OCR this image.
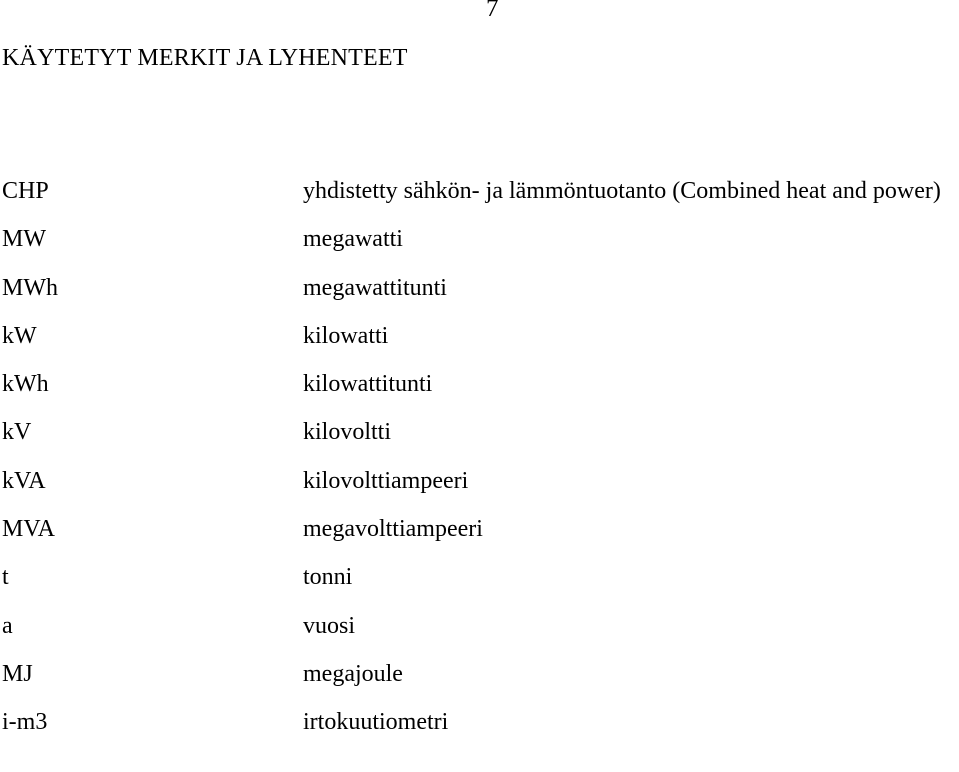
7
KÄYTETYT MERKIT JA LYHENTEET
CHP	yhdistetty sähkön- ja lämmöntuotanto (Combined heat and power)
MW	megawatti
MWh	megawattitunti
kW	kilowatti
kWh	kilowattitunti
kV	kilovoltti
kVA	kilovolttiampeeri
MVA	megavolttiampeeri
t	tonni
a	vuosi
MJ	megajoule
i-m3	irtokuutiometri
